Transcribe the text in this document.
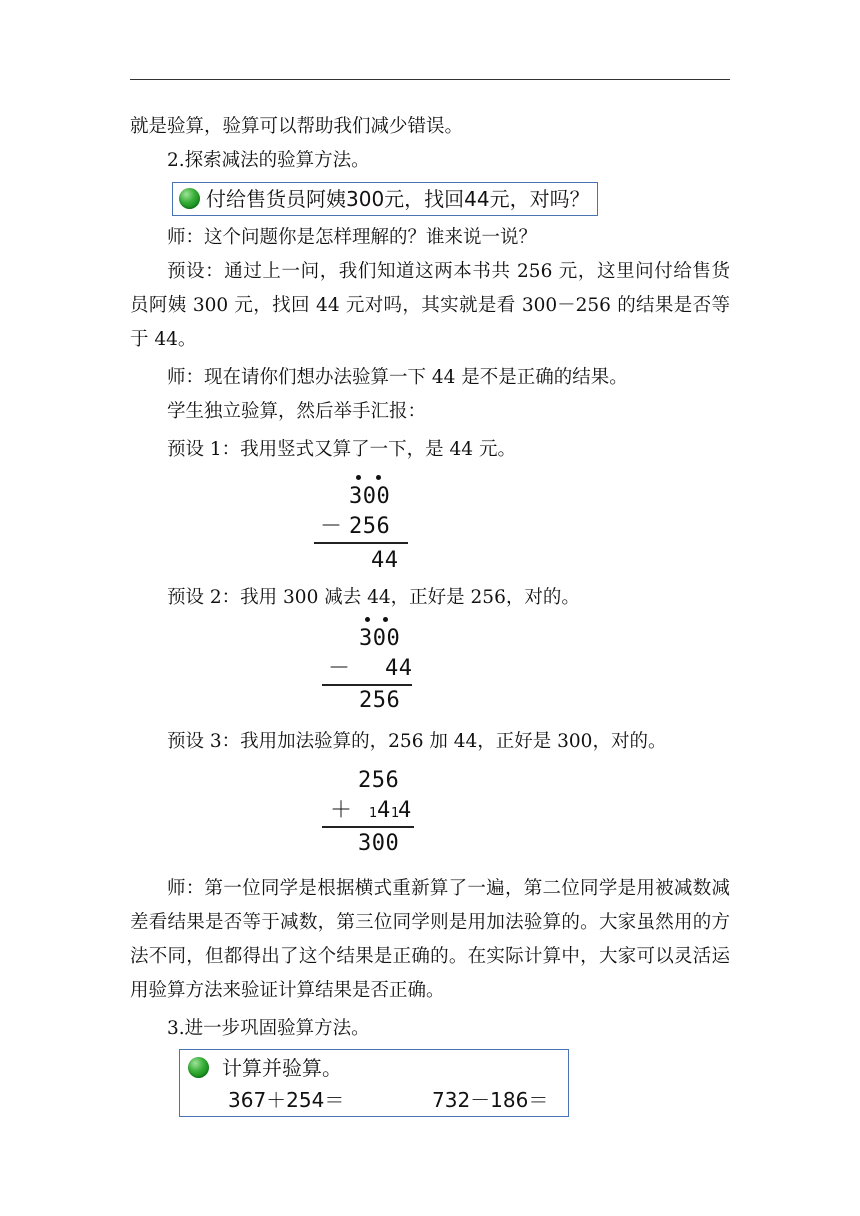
就是验算，验算可以帮助我们减少错误。

2.探索减法的验算方法。

付给售货员阿姨300元，找回44元，对吗？

师：这个问题你是怎样理解的？谁来说一说？

预设：通过上一问，我们知道这两本书共 256 元，这里问付给售货员阿姨 300 元，找回 44 元对吗，其实就是看 300－256 的结果是否等于 44。

师：现在请你们想办法验算一下 44 是不是正确的结果。

学生独立验算，然后举手汇报：

预设 1：我用竖式又算了一下，是 44 元。

300
－ 256
44

预设 2：我用 300 减去 44，正好是 256，对的。

300
－ 44
256

预设 3：我用加法验算的，256 加 44，正好是 300，对的。

256
＋ 1 4 1
4
300

师：第一位同学是根据横式重新算了一遍，第二位同学是用被减数减差看结果是否等于减数，第三位同学则是用加法验算的。大家虽然用的方法不同，但都得出了这个结果是正确的。在实际计算中，大家可以灵活运用验算方法来验证计算结果是否正确。

3.进一步巩固验算方法。

计算并验算。
367＋254＝	732－186＝
